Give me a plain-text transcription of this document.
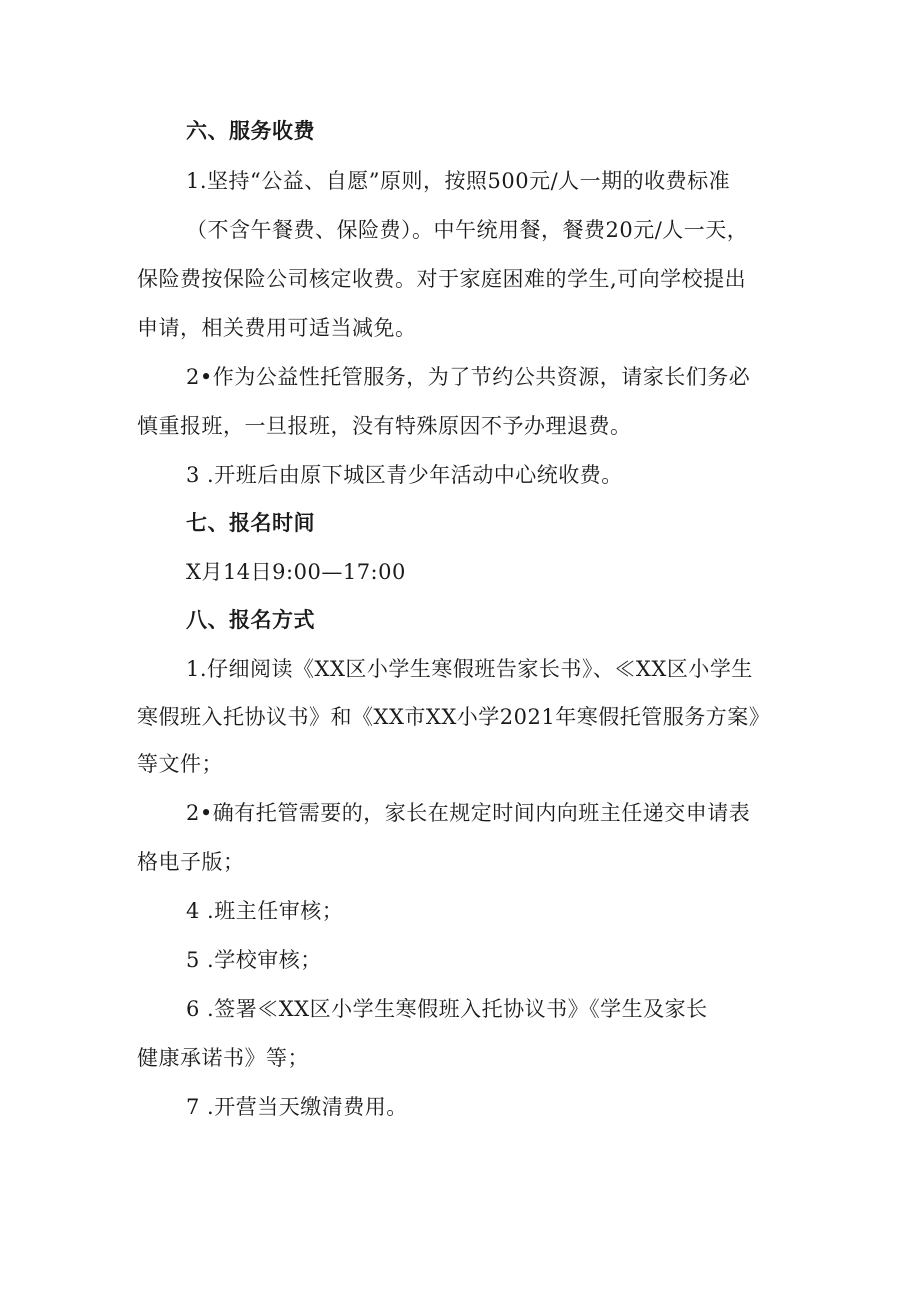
六、服务收费
1.坚持“公益、自愿”原则，按照500元/人一期的收费标准
（不含午餐费、保险费）。中午统用餐，餐费20元/人一天，
保险费按保险公司核定收费。对于家庭困难的学生,可向学校提出
申请，相关费用可适当减免。
2•作为公益性托管服务，为了节约公共资源，请家长们务必
慎重报班，一旦报班，没有特殊原因不予办理退费。
3 .开班后由原下城区青少年活动中心统收费。
七、报名时间
X月14日9:00—17:00
八、报名方式
1.仔细阅读《XX区小学生寒假班告家长书》、≪XX区小学生
寒假班入托协议书》和《XX市XX小学2021年寒假托管服务方案》
等文件；
2•确有托管需要的，家长在规定时间内向班主任递交申请表
格电子版；
4 .班主任审核；
5 .学校审核；
6 .签署≪XX区小学生寒假班入托协议书》《学生及家长
健康承诺书》等；
7 .开营当天缴清费用。
